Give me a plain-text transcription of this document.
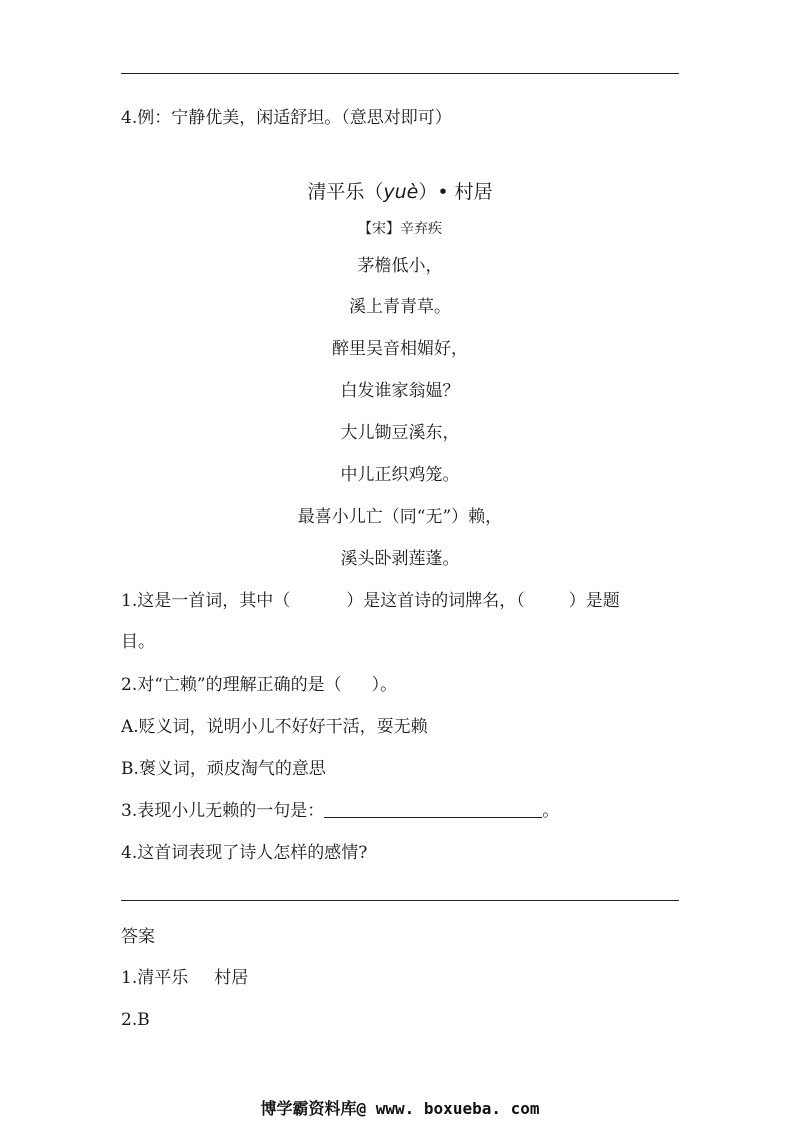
4.例：宁静优美，闲适舒坦。（意思对即可）
清平乐（yuè）• 村居
【宋】辛弃疾
茅檐低小，
溪上青青草。
醉里吴音相媚好，
白发谁家翁媪？
大儿锄豆溪东，
中儿正织鸡笼。
最喜小儿亡（同“无”）赖，
溪头卧剥莲蓬。
1.这是一首词，其中（	）是这首诗的词牌名，（	）是题
目。
2.对“亡赖”的理解正确的是（ ）。
A.贬义词，说明小儿不好好干活，耍无赖
B.褒义词，顽皮淘气的意思
3.表现小儿无赖的一句是：	。
4.这首词表现了诗人怎样的感情?
答案
1.清平乐 村居
2.B
博学霸资料库@ www. boxueba. com
